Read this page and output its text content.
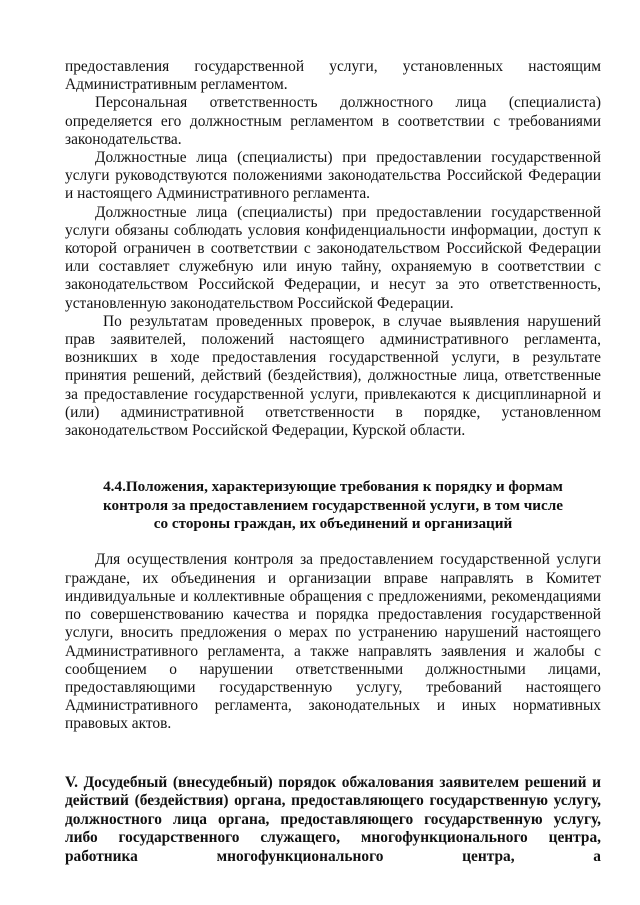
предоставления государственной услуги, установленных настоящим Административным регламентом.

Персональная ответственность должностного лица (специалиста) определяется его должностным регламентом в соответствии с требованиями законодательства.

Должностные лица (специалисты) при предоставлении государственной услуги руководствуются положениями законодательства Российской Федерации и настоящего Административного регламента.

Должностные лица (специалисты) при предоставлении государственной услуги обязаны соблюдать условия конфиденциальности информации, доступ к которой ограничен в соответствии с законодательством Российской Федерации или составляет служебную или иную тайну, охраняемую в соответствии с законодательством Российской Федерации, и несут за это ответственность, установленную законодательством Российской Федерации.

По результатам проведенных проверок, в случае выявления нарушений прав заявителей, положений настоящего административного регламента, возникших в ходе предоставления государственной услуги, в результате принятия решений, действий (бездействия), должностные лица, ответственные за предоставление государственной услуги, привлекаются к дисциплинарной и (или) административной ответственности в порядке, установленном законодательством Российской Федерации, Курской области.

4.4.Положения, характеризующие требования к порядку и формам контроля за предоставлением государственной услуги, в том числе со стороны граждан, их объединений и организаций

Для осуществления контроля за предоставлением государственной услуги граждане, их объединения и организации вправе направлять в Комитет индивидуальные и коллективные обращения с предложениями, рекомендациями по совершенствованию качества и порядка предоставления государственной услуги, вносить предложения о мерах по устранению нарушений настоящего Административного регламента, а также направлять заявления и жалобы с сообщением о нарушении ответственными должностными лицами, предоставляющими государственную услугу, требований настоящего Административного регламента, законодательных и иных нормативных правовых актов.

V. Досудебный (внесудебный) порядок обжалования заявителем решений и действий (бездействия) органа, предоставляющего государственную услугу, должностного лица органа, предоставляющего государственную услугу, либо государственного служащего, многофункционального центра, работника многофункционального центра, а
